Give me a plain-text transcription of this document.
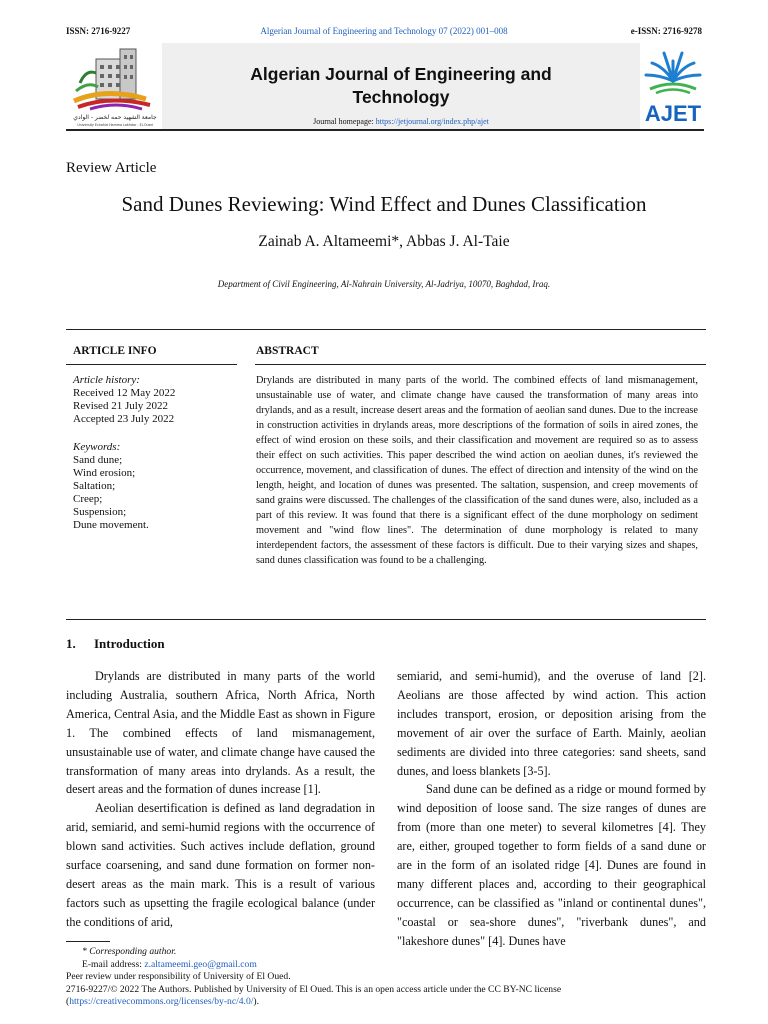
ISSN: 2716-9227	Algerian Journal of Engineering and Technology 07 (2022) 001–008	e-ISSN: 2716-9278
جامعة الشهيد حمه لخضر - الوادي
University Echahid Hamma Lakhdar - El-Oued
Algerian Journal of Engineering and
Technology
Journal homepage: https://jetjournal.org/index.php/ajet	AJET
Review Article
Sand Dunes Reviewing: Wind Effect and Dunes Classification
Zainab A. Altameemi*, Abbas J. Al-Taie
Department of Civil Engineering, Al-Nahrain University, Al-Jadriya, 10070, Baghdad, Iraq.
ARTICLE INFO	ABSTRACT
Article history:
Received 12 May 2022
Revised 21 July 2022
Accepted 23 July 2022
Keywords:
Sand dune;
Wind erosion;
Saltation;
Creep;
Suspension;
Dune movement.
Drylands are distributed in many parts of the world. The combined effects of land mismanagement, unsustainable use of water, and climate change have caused the transformation of many areas into drylands, and as a result, increase desert areas and the formation of aeolian sand dunes. Due to the increase in construction activities in drylands areas, more descriptions of the formation of soils in aired zones, the effect of wind erosion on these soils, and their classification and movement are required so as to assess their effect on such activities. This paper described the wind action on aeolian dunes, it's reviewed the occurrence, movement, and classification of dunes. The effect of direction and intensity of the wind on the length, height, and location of dunes was presented. The saltation, suspension, and creep movements of sand grains were discussed. The challenges of the classification of the sand dunes were, also, included as a part of this review. It was found that there is a significant effect of the dune morphology on sediment movement and "wind flow lines". The determination of dune morphology is related to many interdependent factors, the assessment of these factors is difficult. Due to their varying sizes and shapes, sand dunes classification was found to be a challenging.
1. Introduction

Drylands are distributed in many parts of the world including Australia, southern Africa, North Africa, North America, Central Asia, and the Middle East as shown in Figure 1. The combined effects of land mismanagement, unsustainable use of water, and climate change have caused the transformation of many areas into drylands. As a result, the desert areas and the formation of dunes increase [1].

Aeolian desertification is defined as land degradation in arid, semiarid, and semi-humid regions with the occurrence of blown sand activities. Such actives include deflation, ground surface coarsening, and sand dune formation on former non-desert areas as the main mark. This is a result of various factors such as upsetting the fragile ecological balance (under the conditions of arid,

semiarid, and semi-humid), and the overuse of land [2]. Aeolians are those affected by wind action. This action includes transport, erosion, or deposition arising from the movement of air over the surface of Earth. Mainly, aeolian sediments are divided into three categories: sand sheets, sand dunes, and loess blankets [3-5].

Sand dune can be defined as a ridge or mound formed by wind deposition of loose sand. The size ranges of dunes are from (more than one meter) to several kilometres [4]. They are, either, grouped together to form fields of a sand dune or are in the form of an isolated ridge [4]. Dunes are found in many different places and, according to their geographical occurrence, can be classified as "inland or continental dunes", "coastal or sea-shore dunes", "riverbank dunes", and "lakeshore dunes" [4]. Dunes have

* Corresponding author.
E-mail address: z.altameemi.geo@gmail.com
Peer review under responsibility of University of El Oued.
2716-9227/© 2022 The Authors. Published by University of El Oued. This is an open access article under the CC BY-NC license
(https://creativecommons.org/licenses/by-nc/4.0/).
